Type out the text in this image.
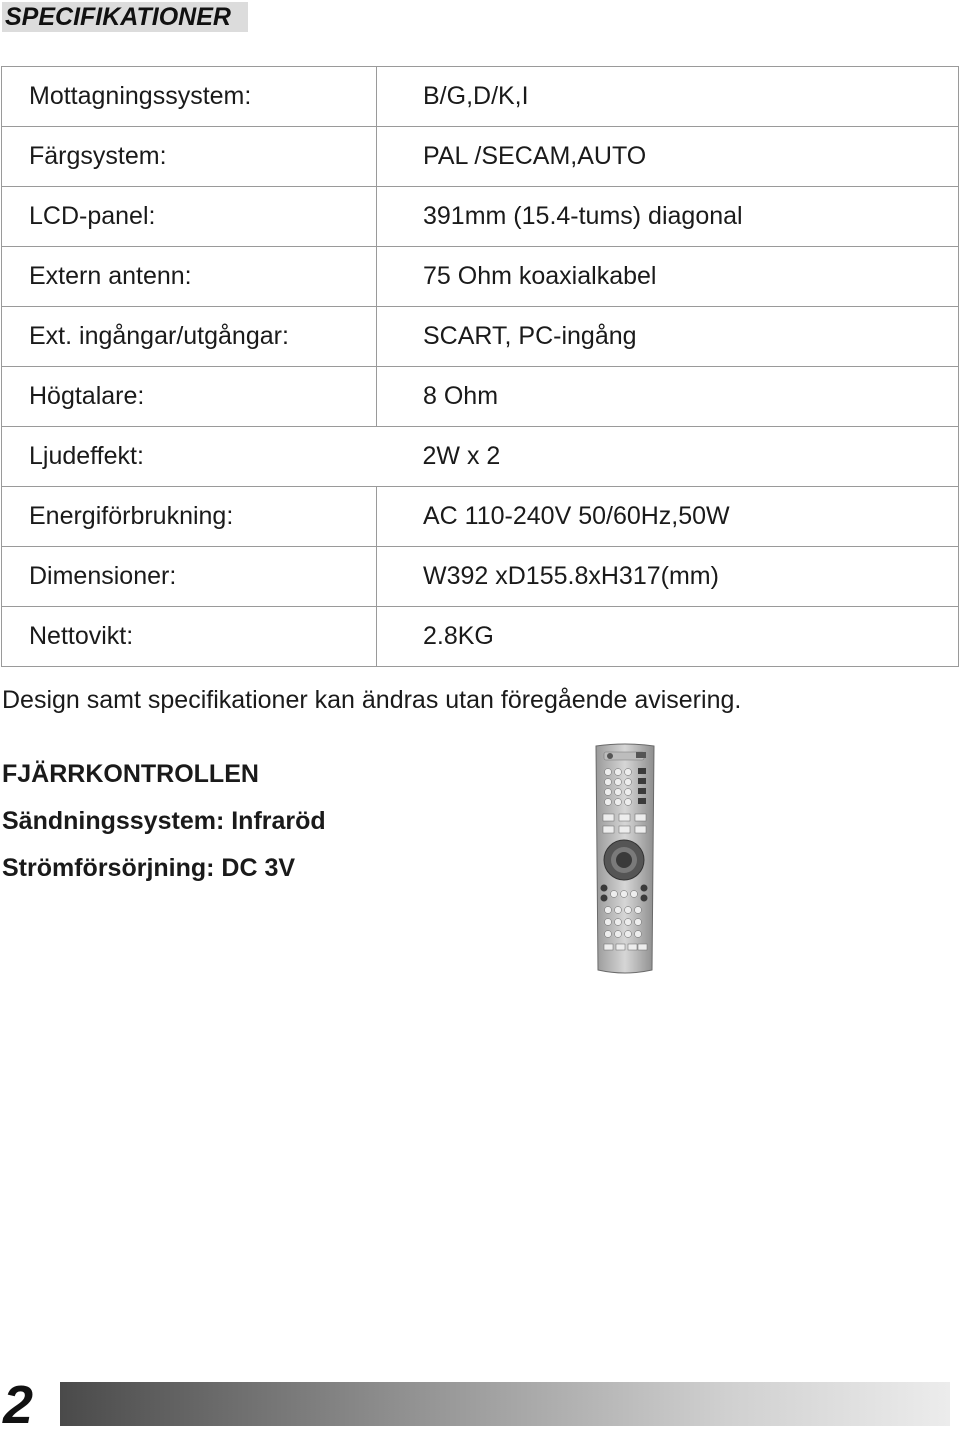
SPECIFIKATIONER
Mottagningssystem:	B/G,D/K,I
Färgsystem:	PAL /SECAM,AUTO
LCD-panel:	391mm (15.4-tums) diagonal
Extern antenn:	75 Ohm koaxialkabel
Ext. ingångar/utgångar:	SCART, PC-ingång
Högtalare:	8 Ohm
Ljudeffekt:	2W x 2
Energiförbrukning:	AC 110-240V 50/60Hz,50W
Dimensioner:	W392 xD155.8xH317(mm)
Nettovikt:	2.8KG
Design samt specifikationer kan ändras utan föregående avisering.
FJÄRRKONTROLLEN
Sändningssystem: Infraröd
Strömförsörjning: DC 3V
2
